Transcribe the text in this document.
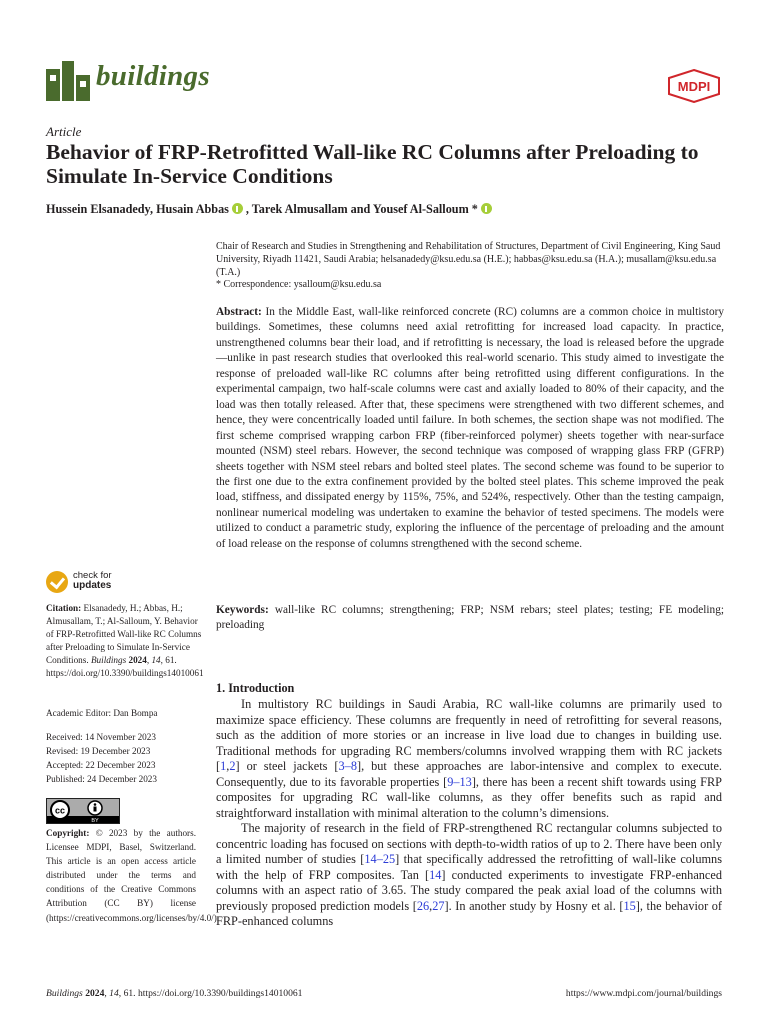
buildings	MDPI
Article
Behavior of FRP-Retrofitted Wall-like RC Columns after Preloading to Simulate In-Service Conditions
Hussein Elsanadedy, Husain Abbas , Tarek Almusallam and Yousef Al-Salloum *
Chair of Research and Studies in Strengthening and Rehabilitation of Structures, Department of Civil Engineering, King Saud University, Riyadh 11421, Saudi Arabia; helsanadedy@ksu.edu.sa (H.E.); habbas@ksu.edu.sa (H.A.); musallam@ksu.edu.sa (T.A.)
* Correspondence: ysalloum@ksu.edu.sa
Abstract: In the Middle East, wall-like reinforced concrete (RC) columns are a common choice in multistory buildings. Sometimes, these columns need axial retrofitting for increased load capacity. In practice, unstrengthened columns bear their load, and if retrofitting is necessary, the load is released before the upgrade—unlike in past research studies that overlooked this real-world scenario. This study aimed to investigate the response of preloaded wall-like RC columns after being retrofitted using different configurations. In the experimental campaign, two half-scale columns were cast and axially loaded to 80% of their capacity, and the load was then totally released. After that, these specimens were strengthened with two different schemes, and hence, they were concentrically loaded until failure. In both schemes, the section shape was not modified. The first scheme comprised wrapping carbon FRP (fiber-reinforced polymer) sheets together with near-surface mounted (NSM) steel rebars. However, the second technique was composed of wrapping glass FRP (GFRP) sheets together with NSM steel rebars and bolted steel plates. The second scheme was found to be superior to the first one due to the extra confinement provided by the bolted steel plates. This scheme improved the peak load, stiffness, and dissipated energy by 115%, 75%, and 524%, respectively. Other than the testing campaign, nonlinear numerical modeling was undertaken to examine the behavior of tested specimens. The models were utilized to conduct a parametric study, exploring the influence of the percentage of preloading and the amount of load release on the response of columns strengthened with the second scheme.
Keywords: wall-like RC columns; strengthening; FRP; NSM rebars; steel plates; testing; FE modeling; preloading
check for
updates
Citation: Elsanadedy, H.; Abbas, H.; Almusallam, T.; Al-Salloum, Y. Behavior of FRP-Retrofitted Wall-like RC Columns after Preloading to Simulate In-Service Conditions. Buildings 2024, 14, 61. https://doi.org/10.3390/buildings14010061
Academic Editor: Dan Bompa
Received: 14 November 2023
Revised: 19 December 2023
Accepted: 22 December 2023
Published: 24 December 2023
cc
BY
Copyright: © 2023 by the authors. Licensee MDPI, Basel, Switzerland. This article is an open access article distributed under the terms and conditions of the Creative Commons Attribution (CC BY) license (https://creativecommons.org/licenses/by/4.0/).
1. Introduction

In multistory RC buildings in Saudi Arabia, RC wall-like columns are primarily used to maximize space efficiency. These columns are frequently in need of retrofitting for several reasons, such as the addition of more stories or an increase in live load due to changes in building use. Traditional methods for upgrading RC members/columns involved wrapping them with RC jackets [1,2] or steel jackets [3–8], but these approaches are labor-intensive and complex to execute. Consequently, due to its favorable properties [9–13], there has been a recent shift towards using FRP composites for upgrading RC wall-like columns, as they offer benefits such as rapid and straightforward installation with minimal alteration to the column’s dimensions.

The majority of research in the field of FRP-strengthened RC rectangular columns subjected to concentric loading has focused on sections with depth-to-width ratios of up to 2. There have been only a limited number of studies [14–25] that specifically addressed the retrofitting of wall-like columns with the help of FRP composites. Tan [14] conducted experiments to investigate FRP-enhanced columns with an aspect ratio of 3.65. The study compared the peak axial load of the columns with previously proposed prediction models [26,27]. In another study by Hosny et al. [15], the behavior of FRP-enhanced columns

Buildings 2024, 14, 61. https://doi.org/10.3390/buildings14010061	https://www.mdpi.com/journal/buildings
